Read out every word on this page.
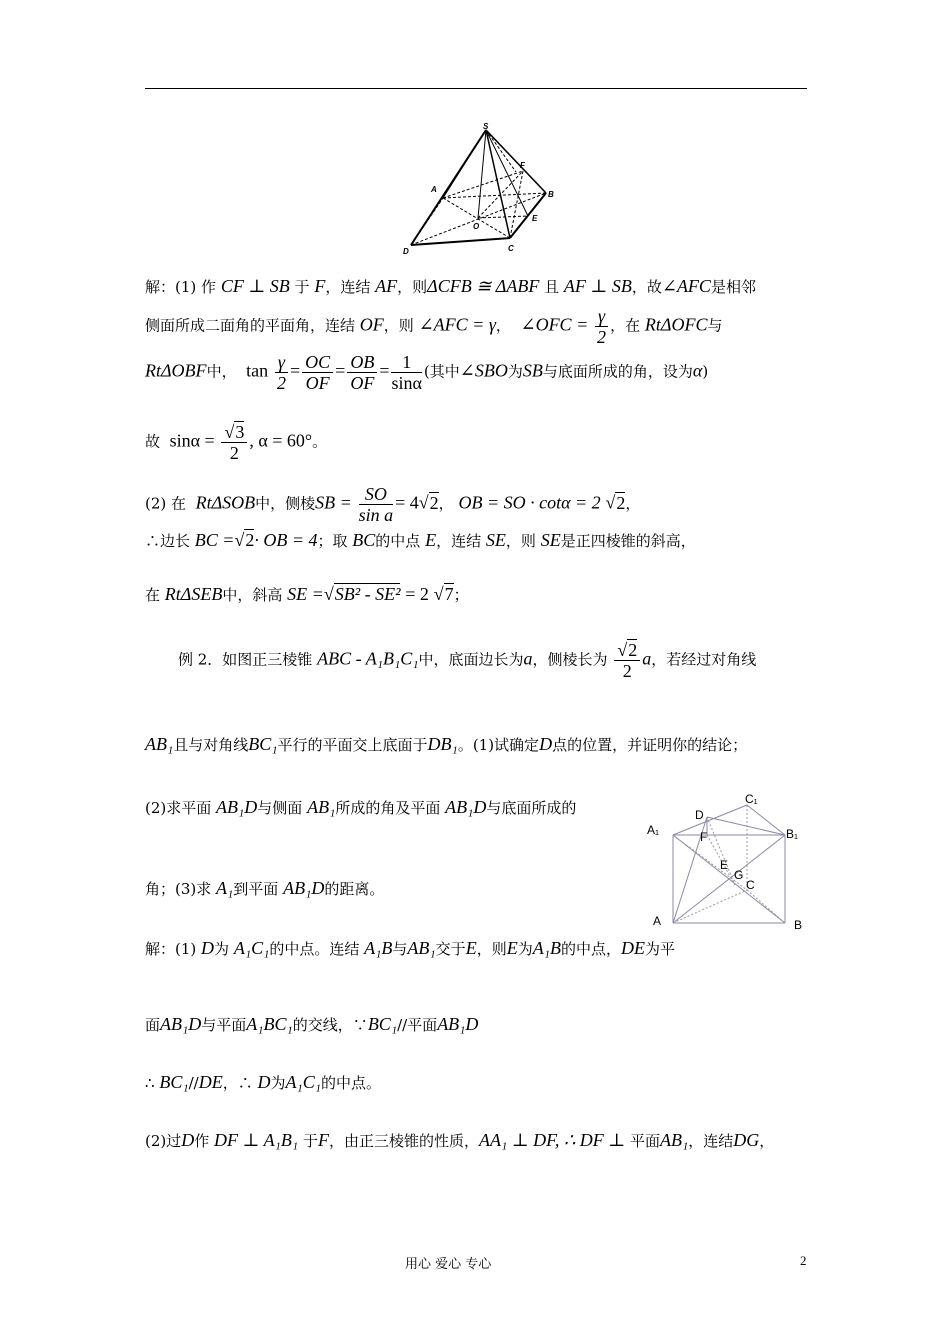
S
F
A
B
E
O
D	C
解：(1) 作 CF ⊥ SB 于 F，连结 AF，则ΔCFB ≅ ΔABF 且 AF ⊥ SB，故∠AFC是相邻
侧面所成二面角的平面角，连结 OF，则 ∠AFC = γ， ∠OFC = $\frac{\gamma}{2}$ ，在 RtΔOFC与
RtΔOBF中， $\tan \frac{\gamma}{2} = \frac{OC}{OF} = \frac{OB}{OF} = \frac{1}{\sin\alpha}$ (其中∠SBO为SB与底面所成的角，设为α)
故 $\sin\alpha = \frac{√3}{2}$ , α = 60°。
(2) 在 RtΔSOB中，侧棱SB = $\frac{SO}{\text{sin a}} = 4√2$， OB = SO · cotα = 2 √2，
∴边长 BC =√2· OB = 4；取 BC的中点 E，连结 SE，则 SE是正四棱锥的斜高，
在 RtΔSEB中，斜高 SE =√SB² - SE² = 2 √7；
例 2．如图正三棱锥 ABC - A₁B₁C₁中，底面边长为a，侧棱长为 $\frac{√2}{2}$ a，若经过对角线
AB₁且与对角线BC₁平行的平面交上底面于DB₁。(1)试确定D点的位置，并证明你的结论；
(2)求平面 AB₁D与侧面 AB₁所成的角及平面 AB₁D与底面所成的
角；(3)求 A₁到平面 AB₁D的距离。
C₁
D
A₁	F	B₁
E
G
C
A	B
解：(1) D为 A₁C₁的中点。连结 A₁B与AB₁交于E，则E为A₁B的中点，DE为平
面AB₁D与平面A₁BC₁的交线，∵BC₁//平面AB₁D
∴ BC₁//DE，∴ D为A₁C₁的中点。
(2)过D作 DF ⊥ A₁B₁ 于F，由正三棱锥的性质，AA₁ ⊥ DF, ∴ DF ⊥ 平面AB₁，连结DG，
用心 爱心 专心	2
